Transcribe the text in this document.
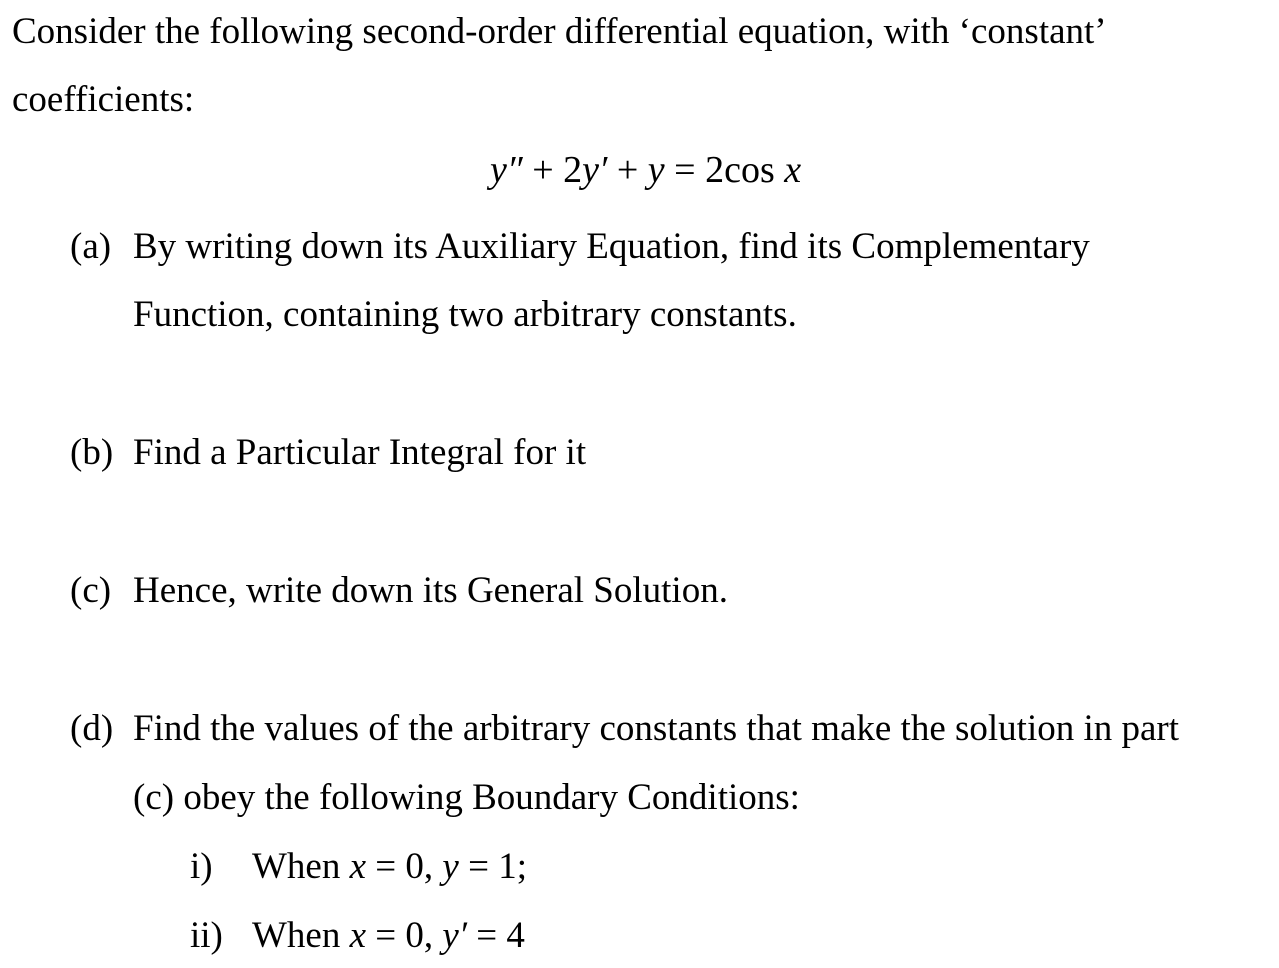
Consider the following second-order differential equation, with ‘constant’
coefficients:
y″ + 2y′ + y = 2cos x
(a) By writing down its Auxiliary Equation, find its Complementary
Function, containing two arbitrary constants.
(b) Find a Particular Integral for it
(c) Hence, write down its General Solution.
(d) Find the values of the arbitrary constants that make the solution in part
(c) obey the following Boundary Conditions:
i) When x = 0, y = 1;
ii) When x = 0, y′ = 4
